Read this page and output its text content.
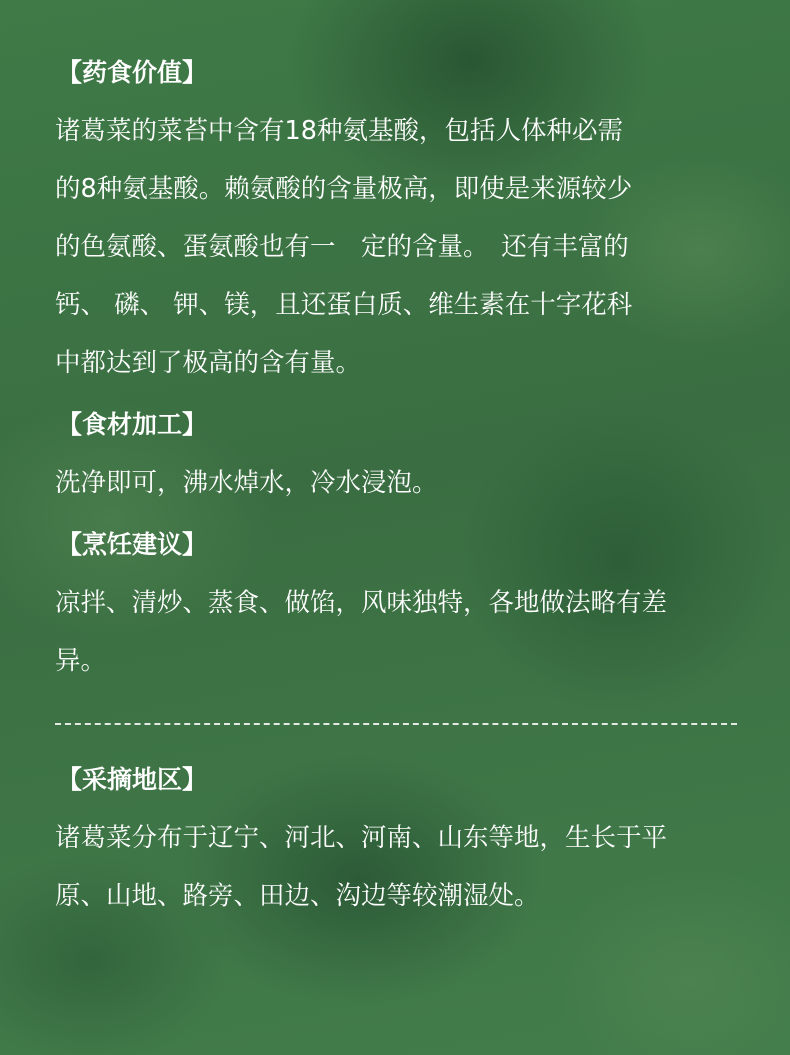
【药食价值】

诸葛菜的菜苔中含有18种氨基酸，包括人体种必需

的8种氨基酸。赖氨酸的含量极高，即使是来源较少

的色氨酸、蛋氨酸也有一　定的含量。　还有丰富的

钙、 磷、 钾、镁，且还蛋白质、维生素在十字花科

中都达到了极高的含有量。

【食材加工】

洗净即可，沸水焯水，冷水浸泡。

【烹饪建议】

凉拌、清炒、蒸食、做馅，风味独特，各地做法略有差

异。

【采摘地区】

诸葛菜分布于辽宁、河北、河南、山东等地，生长于平

原、山地、路旁、田边、沟边等较潮湿处。
